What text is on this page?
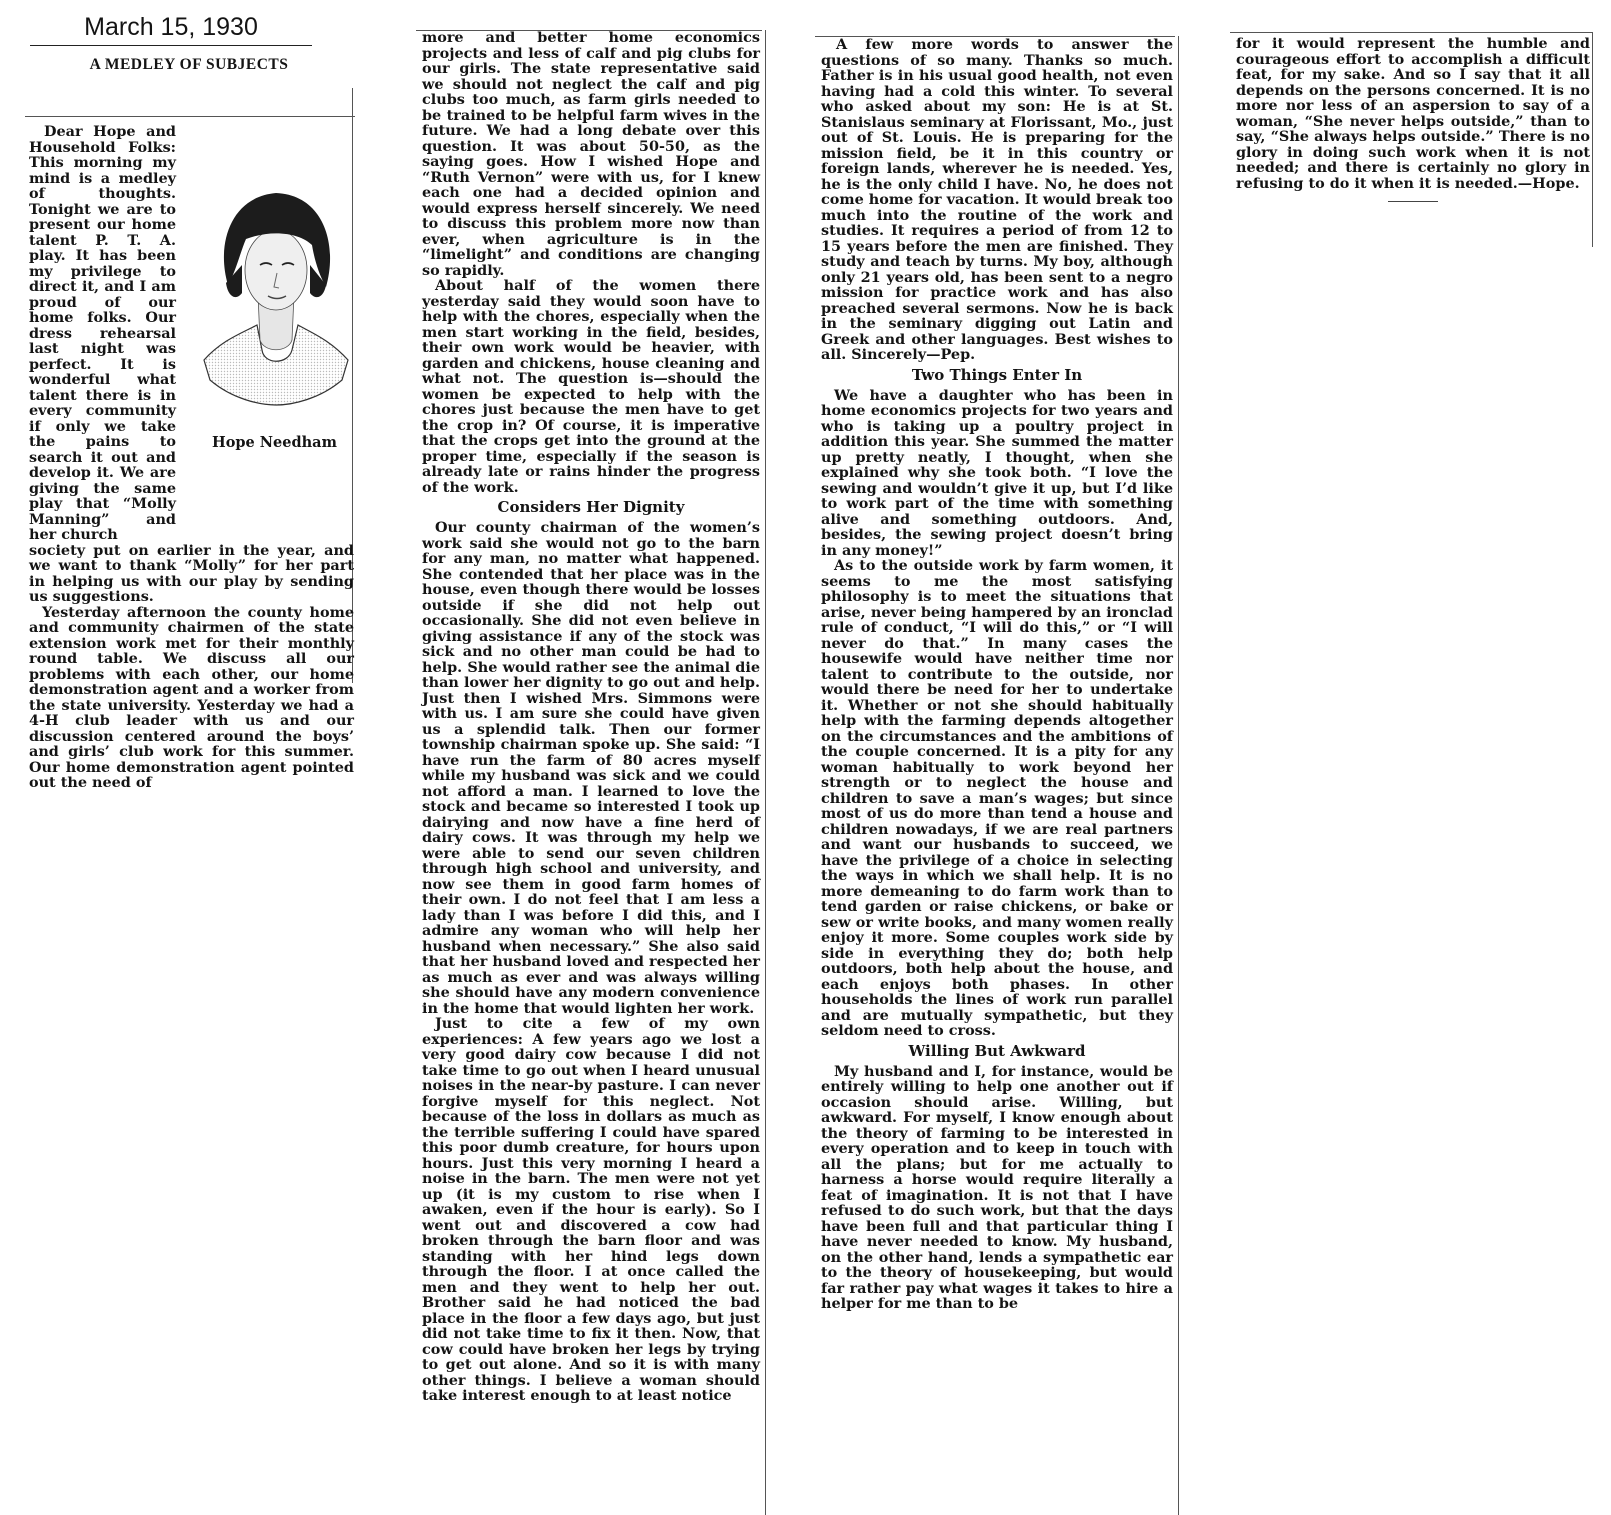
March 15, 1930
A MEDLEY OF SUBJECTS
Hope Needham

Dear Hope and Household Folks: This morning my mind is a medley of thoughts. Tonight we are to present our home talent P. T. A. play. It has been my privilege to direct it, and I am proud of our home folks. Our dress rehearsal last night was perfect. It is wonderful what talent there is in every community if only we take the pains to search it out and develop it. We are giving the same play that “Molly Manning” and her church

society put on earlier in the year, and we want to thank “Molly” for her part in helping us with our play by sending us suggestions.

Yesterday afternoon the county home and community chairmen of the state extension work met for their monthly round table. We discuss all our problems with each other, our home demonstration agent and a worker from the state university. Yesterday we had a 4-H club leader with us and our discussion centered around the boys’ and girls’ club work for this summer. Our home demonstration agent pointed out the need of

more and better home economics projects and less of calf and pig clubs for our girls. The state representative said we should not neglect the calf and pig clubs too much, as farm girls needed to be trained to be helpful farm wives in the future. We had a long debate over this question. It was about 50-50, as the saying goes. How I wished Hope and “Ruth Vernon” were with us, for I knew each one had a decided opinion and would express herself sincerely. We need to discuss this problem more now than ever, when agriculture is in the “limelight” and conditions are changing so rapidly.

About half of the women there yesterday said they would soon have to help with the chores, especially when the men start working in the field, besides, their own work would be heavier, with garden and chickens, house cleaning and what not. The question is—should the women be expected to help with the chores just because the men have to get the crop in? Of course, it is imperative that the crops get into the ground at the proper time, especially if the season is already late or rains hinder the progress of the work.

Considers Her Dignity

Our county chairman of the women’s work said she would not go to the barn for any man, no matter what happened. She contended that her place was in the house, even though there would be losses outside if she did not help out occasionally. She did not even believe in giving assistance if any of the stock was sick and no other man could be had to help. She would rather see the animal die than lower her dignity to go out and help. Just then I wished Mrs. Simmons were with us. I am sure she could have given us a splendid talk. Then our former township chairman spoke up. She said: “I have run the farm of 80 acres myself while my husband was sick and we could not afford a man. I learned to love the stock and became so interested I took up dairying and now have a fine herd of dairy cows. It was through my help we were able to send our seven children through high school and university, and now see them in good farm homes of their own. I do not feel that I am less a lady than I was before I did this, and I admire any woman who will help her husband when necessary.” She also said that her husband loved and respected her as much as ever and was always willing she should have any modern convenience in the home that would lighten her work.

Just to cite a few of my own experiences: A few years ago we lost a very good dairy cow because I did not take time to go out when I heard unusual noises in the near-by pasture. I can never forgive myself for this neglect. Not because of the loss in dollars as much as the terrible suffering I could have spared this poor dumb creature, for hours upon hours. Just this very morning I heard a noise in the barn. The men were not yet up (it is my custom to rise when I awaken, even if the hour is early). So I went out and discovered a cow had broken through the barn floor and was standing with her hind legs down through the floor. I at once called the men and they went to help her out. Brother said he had noticed the bad place in the floor a few days ago, but just did not take time to fix it then. Now, that cow could have broken her legs by trying to get out alone. And so it is with many other things. I believe a woman should take interest enough to at least notice

A few more words to answer the questions of so many. Thanks so much. Father is in his usual good health, not even having had a cold this winter. To several who asked about my son: He is at St. Stanislaus seminary at Florissant, Mo., just out of St. Louis. He is preparing for the mission field, be it in this country or foreign lands, wherever he is needed. Yes, he is the only child I have. No, he does not come home for vacation. It would break too much into the routine of the work and studies. It requires a period of from 12 to 15 years before the men are finished. They study and teach by turns. My boy, although only 21 years old, has been sent to a negro mission for practice work and has also preached several sermons. Now he is back in the seminary digging out Latin and Greek and other languages. Best wishes to all. Sincerely—Pep.

Two Things Enter In

We have a daughter who has been in home economics projects for two years and who is taking up a poultry project in addition this year. She summed the matter up pretty neatly, I thought, when she explained why she took both. “I love the sewing and wouldn’t give it up, but I’d like to work part of the time with something alive and something outdoors. And, besides, the sewing project doesn’t bring in any money!”

As to the outside work by farm women, it seems to me the most satisfying philosophy is to meet the situations that arise, never being hampered by an ironclad rule of conduct, “I will do this,” or “I will never do that.” In many cases the housewife would have neither time nor talent to contribute to the outside, nor would there be need for her to undertake it. Whether or not she should habitually help with the farming depends altogether on the circumstances and the ambitions of the couple concerned. It is a pity for any woman habitually to work beyond her strength or to neglect the house and children to save a man’s wages; but since most of us do more than tend a house and children nowadays, if we are real partners and want our husbands to succeed, we have the privilege of a choice in selecting the ways in which we shall help. It is no more demeaning to do farm work than to tend garden or raise chickens, or bake or sew or write books, and many women really enjoy it more. Some couples work side by side in everything they do; both help outdoors, both help about the house, and each enjoys both phases. In other households the lines of work run parallel and are mutually sympathetic, but they seldom need to cross.

Willing But Awkward

My husband and I, for instance, would be entirely willing to help one another out if occasion should arise. Willing, but awkward. For myself, I know enough about the theory of farming to be interested in every operation and to keep in touch with all the plans; but for me actually to harness a horse would require literally a feat of imagination. It is not that I have refused to do such work, but that the days have been full and that particular thing I have never needed to know. My husband, on the other hand, lends a sympathetic ear to the theory of housekeeping, but would far rather pay what wages it takes to hire a helper for me than to be

for it would represent the humble and courageous effort to accomplish a difficult feat, for my sake. And so I say that it all depends on the persons concerned. It is no more nor less of an aspersion to say of a woman, “She never helps outside,” than to say, “She always helps outside.” There is no glory in doing such work when it is not needed; and there is certainly no glory in refusing to do it when it is needed.—Hope.
